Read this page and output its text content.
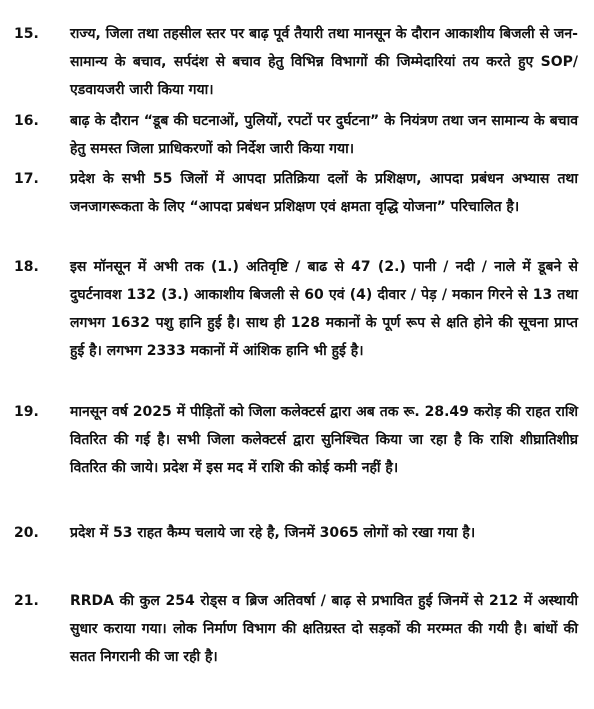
15. राज्य, जिला तथा तहसील स्तर पर बाढ़ पूर्व तैयारी तथा मानसून के दौरान आकाशीय बिजली से जन-सामान्य के बचाव, सर्पदंश से बचाव हेतु विभिन्न विभागों की जिम्मेदारियां तय करते हुए SOP/ एडवायजरी जारी किया गया।
16. बाढ़ के दौरान “डूब की घटनाओं, पुलियों, रपटों पर दुर्घटना” के नियंत्रण तथा जन सामान्य के बचाव हेतु समस्त जिला प्राधिकरणों को निर्देश जारी किया गया।
17. प्रदेश के सभी 55 जिलों में आपदा प्रतिक्रिया दलों के प्रशिक्षण, आपदा प्रबंधन अभ्यास तथा जनजागरूकता के लिए “आपदा प्रबंधन प्रशिक्षण एवं क्षमता वृद्धि योजना” परिचालित है।
18. इस मॉनसून में अभी तक (1.) अतिवृष्टि / बाढ से 47 (2.) पानी / नदी / नाले में डूबने से दुघर्टनावश 132 (3.) आकाशीय बिजली से 60 एवं (4) दीवार / पेड़ / मकान गिरने से 13 तथा लगभग 1632 पशु हानि हुई है। साथ ही 128 मकानों के पूर्ण रूप से क्षति होने की सूचना प्राप्त हुई है। लगभग 2333 मकानों में आंशिक हानि भी हुई है।
19. मानसून वर्ष 2025 में पीड़ितों को जिला कलेक्टर्स द्वारा अब तक रू. 28.49 करोड़ की राहत राशि वितरित की गई है। सभी जिला कलेक्टर्स द्वारा सुनिश्चित किया जा रहा है कि राशि शीघ्रातिशीघ्र वितरित की जाये। प्रदेश में इस मद में राशि की कोई कमी नहीं है।
20. प्रदेश में 53 राहत कैम्प चलाये जा रहे है, जिनमें 3065 लोगों को रखा गया है।
21. RRDA की कुल 254 रोड्स व ब्रिज अतिवर्षा / बाढ़ से प्रभावित हुई जिनमें से 212 में अस्थायी सुधार कराया गया। लोक निर्माण विभाग की क्षतिग्रस्त दो सड़कों की मरम्मत की गयी है। बांधों की सतत निगरानी की जा रही है।
